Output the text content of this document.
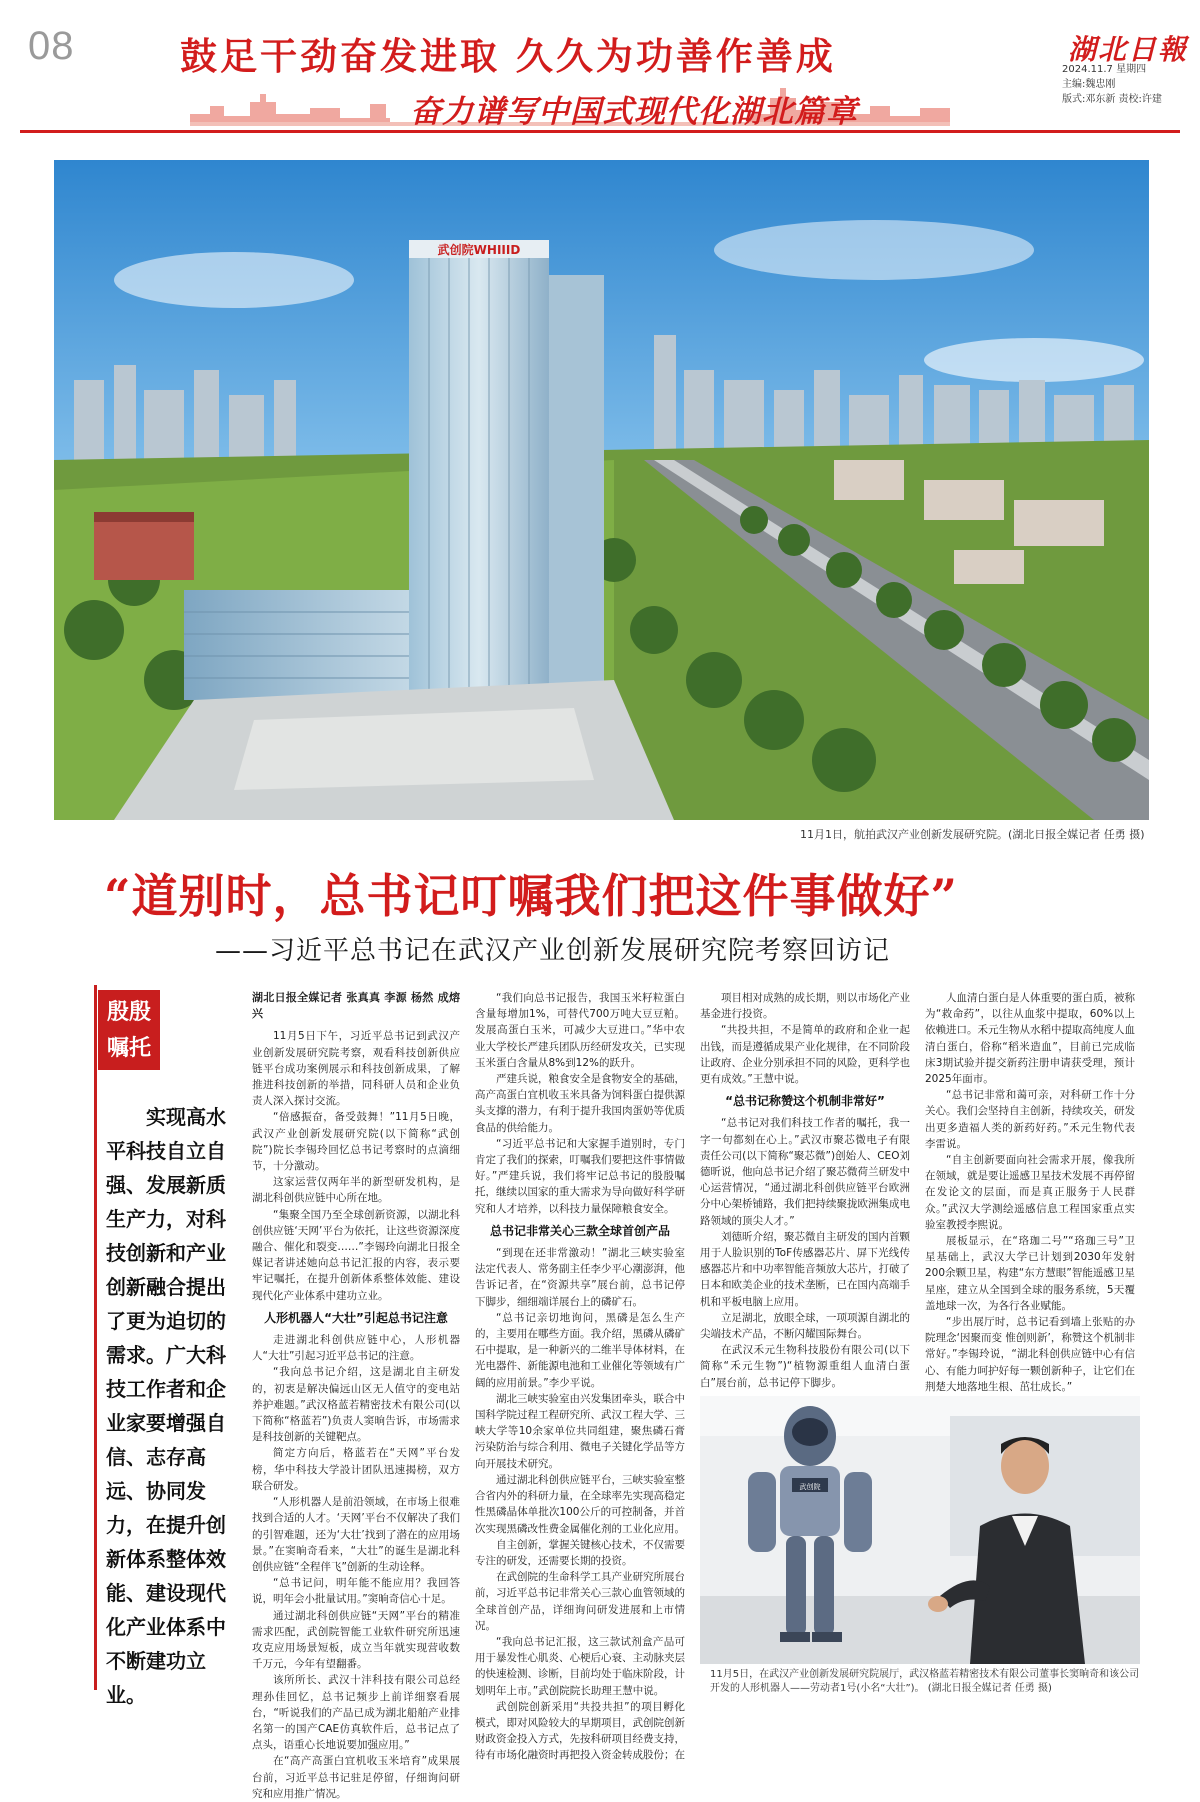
08	鼓足干劲奋发进取 久久为功善作善成
奋力谱写中国式现代化湖北篇章
湖北日報
2024.11.7 星期四
主编:魏忠刚
版式:邓东新 责校:许建
武创院WHIIID
11月1日，航拍武汉产业创新发展研究院。(湖北日报全媒记者 任勇 摄)
“道别时，总书记叮嘱我们把这件事做好”
——习近平总书记在武汉产业创新发展研究院考察回访记
殷殷
嘱托
实现高水平科技自立自强、发展新质生产力，对科技创新和产业创新融合提出了更为迫切的需求。广大科技工作者和企业家要增强自信、志存高远、协同发力，在提升创新体系整体效能、建设现代化产业体系中不断建功立业。

湖北日报全媒记者 张真真 李源 杨然 成熔兴

11月5日下午，习近平总书记到武汉产业创新发展研究院考察，观看科技创新供应链平台成功案例展示和科技创新成果，了解推进科技创新的举措，同科研人员和企业负责人深入探讨交流。

“倍感振奋，备受鼓舞！”11月5日晚，武汉产业创新发展研究院(以下简称“武创院”)院长李锡玲回忆总书记考察时的点滴细节，十分激动。

这家运营仅两年半的新型研发机构，是湖北科创供应链中心所在地。

“集聚全国乃至全球创新资源，以湖北科创供应链‘天网’平台为依托，让这些资源深度融合、催化和裂变……”李锡玲向湖北日报全媒记者讲述她向总书记汇报的内容，表示要牢记嘱托，在提升创新体系整体效能、建设现代化产业体系中建功立业。

人形机器人“大壮”引起总书记注意

走进湖北科创供应链中心，人形机器人“大壮”引起习近平总书记的注意。

“我向总书记介绍，这是湖北自主研发的，初衷是解决偏远山区无人值守的变电站养护难题。”武汉格蓝若精密技术有限公司(以下简称“格蓝若”)负责人窦晌告诉，市场需求是科技创新的关键靶点。

简定方向后，格蓝若在“天网”平台发榜，华中科技大学設计团队迅速揭榜，双方联合研发。

“人形机器人是前沿领域，在市场上很难找到合适的人才。‘天网’平台不仅解决了我们的引智难题，还为‘大壮’找到了潜在的应用场景。”在窦晌奇看来，“大壮”的诞生是湖北科创供应链“全程伴飞”创新的生动诠释。

“总书记问，明年能不能应用？我回答说，明年会小批量试用。”窦晌奇信心十足。

通过湖北科创供应链“天网”平台的精准需求匹配，武创院智能工业软件研究所迅速攻克应用场景短板，成立当年就实现营收数千万元，今年有望翻番。

该所所长、武汉十沣科技有限公司总经理孙佳回忆，总书记频步上前详细察看展台，“听说我们的产品已成为湖北船舶产业排名第一的国产CAE仿真软件后，总书记点了点头，语重心长地说要加强应用。”

在“高产高蛋白宜机收玉米培育”成果展台前，习近平总书记驻足停留，仔细询问研究和应用推广情况。

“我们向总书记报告，我国玉米籽粒蛋白含量每增加1%，可替代700万吨大豆豆粕。发展高蛋白玉米，可减少大豆进口。”华中农业大学校长严建兵团队历经研发攻关，已实现玉米蛋白含量从8%到12%的跃升。

严建兵说，粮食安全是食物安全的基础，高产高蛋白宜机收玉米具备为饲料蛋白提供源头支撑的潜力，有利于提升我国肉蛋奶等优质食品的供给能力。

“习近平总书记和大家握手道别时，专门肯定了我们的探索，叮嘱我们要把这件事情做好。”严建兵说，我们将牢记总书记的殷殷嘱托，继续以国家的重大需求为导向做好科学研究和人才培养，以科技力量保障粮食安全。

总书记非常关心三款全球首创产品

“到现在还非常激动！”湖北三峡实验室法定代表人、常务副主任李少平心潮澎湃，他告诉记者，在“资源共享”展台前，总书记停下脚步，细细端详展台上的磷矿石。

“总书记亲切地询问，黑磷是怎么生产的，主要用在哪些方面。我介绍，黑磷从磷矿石中提取，是一种新兴的二维半导体材料，在光电器件、新能源电池和工业催化等领域有广阔的应用前景。”李少平说。

湖北三峡实验室由兴发集团牵头，联合中国科学院过程工程研究所、武汉工程大学、三峡大学等10余家单位共同组建，聚焦磷石膏污染防治与综合利用、微电子关键化学品等方向开展技术研究。

通过湖北科创供应链平台，三峡实验室整合省内外的科研力量，在全球率先实现高稳定性黑磷晶体单批次100公斤的可控制备，并首次实现黑磷改性费金属催化剂的工业化应用。

自主创新，掌握关键核心技术，不仅需要专注的研发，还需要长期的投资。

在武创院的生命科学工具产业研究所展台前，习近平总书记非常关心三款心血管领域的全球首创产品，详细询问研发进展和上市情况。

“我向总书记汇报，这三款试剂盒产品可用于暴发性心肌炎、心梗后心衰、主动脉夹层的快速检测、诊断，目前均处于临床阶段，计划明年上市。”武创院院长助理王慧中说。

武创院创新采用“共投共担”的项目孵化模式，即对风险较大的早期项目，武创院创新财政资金投入方式，先按科研项目经费支持，待有市场化融资时再把投入资金转成股份；在

项目相对成熟的成长期，则以市场化产业基金进行投资。

“共投共担，不是简单的政府和企业一起出钱，而是遵循成果产业化规律，在不同阶段让政府、企业分别承担不同的风险，更科学也更有成效。”王慧中说。

“总书记称赞这个机制非常好”

“总书记对我们科技工作者的嘱托，我一字一句都刻在心上。”武汉市聚芯微电子有限责任公司(以下简称“聚芯微”)创始人、CEO刘德昕说，他向总书记介绍了聚芯微荷兰研发中心运营情况，“通过湖北科创供应链平台欧洲分中心架桥铺路，我们把持续聚拢欧洲集成电路领域的顶尖人才。”

刘德昕介绍，聚芯微自主研发的国内首颗用于人脸识别的ToF传感器芯片、屏下光线传感器芯片和中功率智能音频放大芯片，打破了日本和欧美企业的技术垄断，已在国内高端手机和平板电脑上应用。

立足湖北，放眼全球，一项项源自湖北的尖端技术产品，不断闪耀国际舞台。

在武汉禾元生物科技股份有限公司(以下简称“禾元生物”)“植物源重组人血清白蛋白”展台前，总书记停下脚步。

人血清白蛋白是人体重要的蛋白质，被称为“救命药”，以往从血浆中提取，60%以上依赖进口。禾元生物从水稻中提取高纯度人血清白蛋白，俗称“稻米造血”，目前已完成临床3期试验并提交新药注册申请获受理，预计2025年面市。

“总书记非常和蔼可亲，对科研工作十分关心。我们会坚持自主创新，持续攻关，研发出更多造福人类的新药好药。”禾元生物代表李雷说。

“自主创新要面向社会需求开展，像我所在领域，就是要让遥感卫星技术发展不再停留在发论文的层面，而是真正服务于人民群众。”武汉大学测绘遥感信息工程国家重点实验室教授李熙说。

展板显示，在“珞珈二号”“珞珈三号”卫星基础上，武汉大学已计划到2030年发射200余颗卫星，构建“东方慧眼”智能遥感卫星星座，建立从全国到全球的服务系统，5天覆盖地球一次，为各行各业赋能。

“步出展厅时，总书记看到墙上张贴的办院理念‘因聚而变 惟创则新’，称赞这个机制非常好。”李锡玲说，“湖北科创供应链中心有信心、有能力呵护好每一颗创新种子，让它们在荆楚大地落地生根、茁壮成长。”

武创院
11月5日，在武汉产业创新发展研究院展厅，武汉格蓝若精密技术有限公司董事长窦晌奇和该公司开发的人形机器人——劳动者1号(小名“大壮”)。 (湖北日报全媒记者 任勇 摄)
